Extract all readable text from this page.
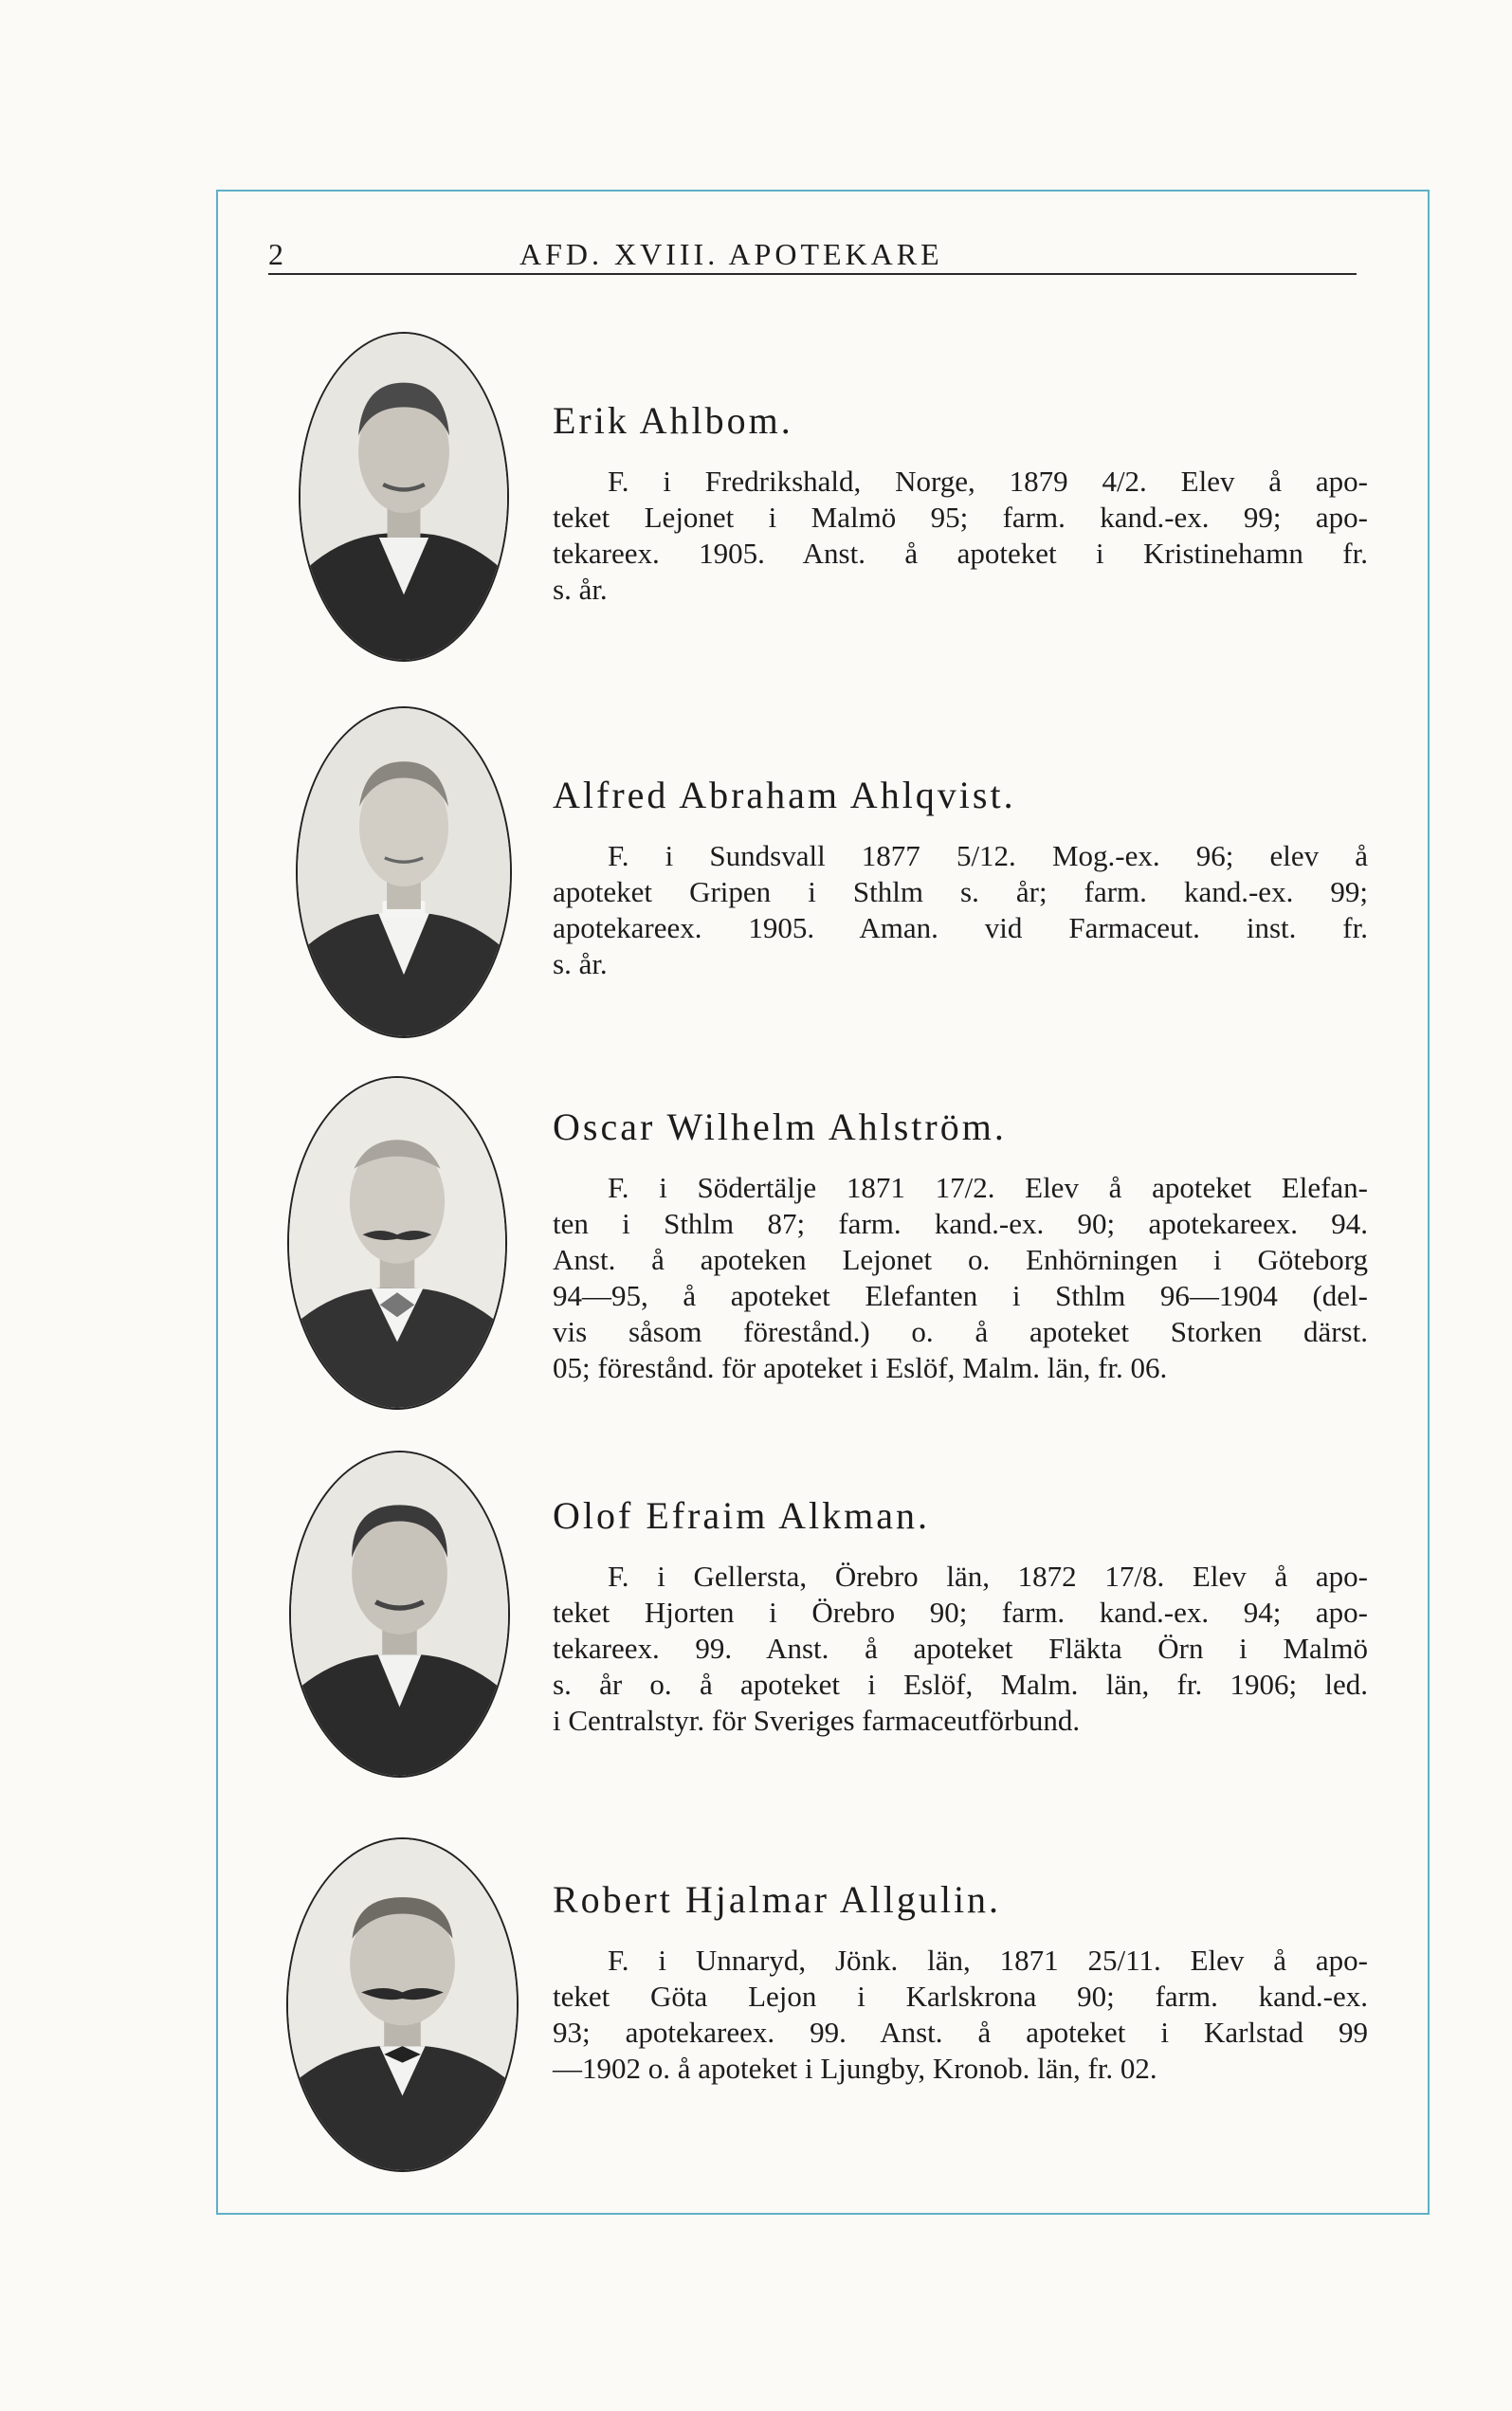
2	AFD. XVIII. APOTEKARE
Erik Ahlbom.
F. i Fredrikshald, Norge, 1879 4/2. Elev å apo-
teket Lejonet i Malmö 95; farm. kand.-ex. 99; apo-
tekareex. 1905. Anst. å apoteket i Kristinehamn fr.
s. år.
Alfred Abraham Ahlqvist.
F. i Sundsvall 1877 5/12. Mog.-ex. 96; elev å
apoteket Gripen i Sthlm s. år; farm. kand.-ex. 99;
apotekareex. 1905. Aman. vid Farmaceut. inst. fr.
s. år.
Oscar Wilhelm Ahlström.
F. i Södertälje 1871 17/2. Elev å apoteket Elefan-
ten i Sthlm 87; farm. kand.-ex. 90; apotekareex. 94.
Anst. å apoteken Lejonet o. Enhörningen i Göteborg
94—95, å apoteket Elefanten i Sthlm 96—1904 (del-
vis såsom förestånd.) o. å apoteket Storken därst.
05; förestånd. för apoteket i Eslöf, Malm. län, fr. 06.
Olof Efraim Alkman.
F. i Gellersta, Örebro län, 1872 17/8. Elev å apo-
teket Hjorten i Örebro 90; farm. kand.-ex. 94; apo-
tekareex. 99. Anst. å apoteket Fläkta Örn i Malmö
s. år o. å apoteket i Eslöf, Malm. län, fr. 1906; led.
i Centralstyr. för Sveriges farmaceutförbund.
Robert Hjalmar Allgulin.
F. i Unnaryd, Jönk. län, 1871 25/11. Elev å apo-
teket Göta Lejon i Karlskrona 90; farm. kand.-ex.
93; apotekareex. 99. Anst. å apoteket i Karlstad 99
—1902 o. å apoteket i Ljungby, Kronob. län, fr. 02.
